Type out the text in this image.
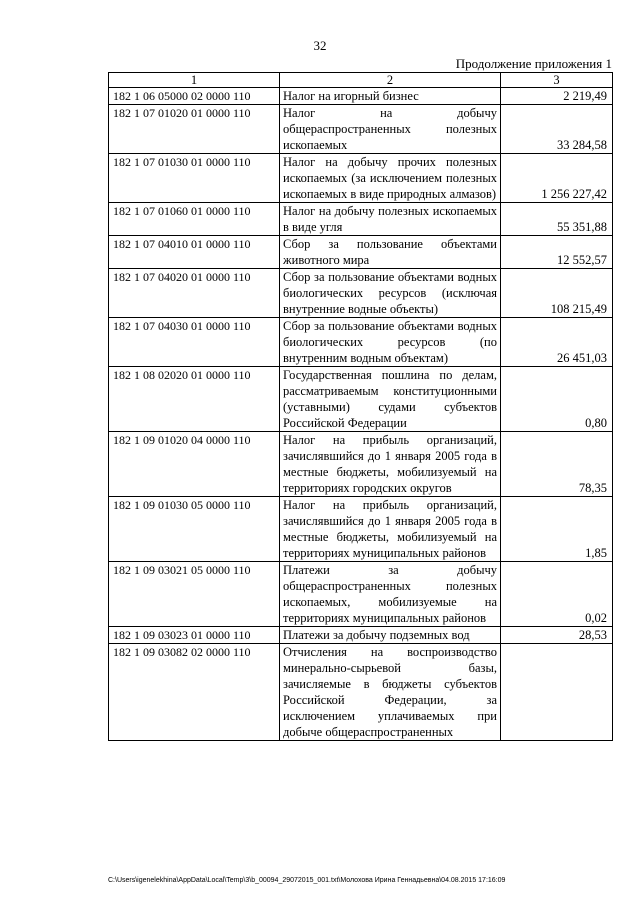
32
Продолжение приложения 1
1	2	3
182 1 06 05000 02 0000 110	Налог на игорный бизнес	2 219,49
182 1 07 01020 01 0000 110	Налог на добычу общераспространенных полезных ископаемых	33 284,58
182 1 07 01030 01 0000 110	Налог на добычу прочих полезных ископаемых (за исключением полезных ископаемых в виде природных алмазов)	1 256 227,42
182 1 07 01060 01 0000 110	Налог на добычу полезных ископаемых в виде угля	55 351,88
182 1 07 04010 01 0000 110	Сбор за пользование объектами животного мира	12 552,57
182 1 07 04020 01 0000 110	Сбор за пользование объектами водных биологических ресурсов (исключая внутренние водные объекты)	108 215,49
182 1 07 04030 01 0000 110	Сбор за пользование объектами водных биологических ресурсов (по внутренним водным объектам)	26 451,03
182 1 08 02020 01 0000 110	Государственная пошлина по делам, рассматриваемым конституционными (уставными) судами субъектов Российской Федерации	0,80
182 1 09 01020 04 0000 110	Налог на прибыль организаций, зачислявшийся до 1 января 2005 года в местные бюджеты, мобилизуемый на территориях городских округов	78,35
182 1 09 01030 05 0000 110	Налог на прибыль организаций, зачислявшийся до 1 января 2005 года в местные бюджеты, мобилизуемый на территориях муниципальных районов	1,85
182 1 09 03021 05 0000 110	Платежи за добычу общераспространенных полезных ископаемых, мобилизуемые на территориях муниципальных районов	0,02
182 1 09 03023 01 0000 110	Платежи за добычу подземных вод	28,53
182 1 09 03082 02 0000 110	Отчисления на воспроизводство минерально-сырьевой базы, зачисляемые в бюджеты субъектов Российской Федерации, за исключением уплачиваемых при добыче общераспространенных	
C:\Users\igenelekhina\AppData\Local\Temp\3\b_00094_29072015_001.txt\Молохова Ирина Геннадьевна\04.08.2015 17:16:09
